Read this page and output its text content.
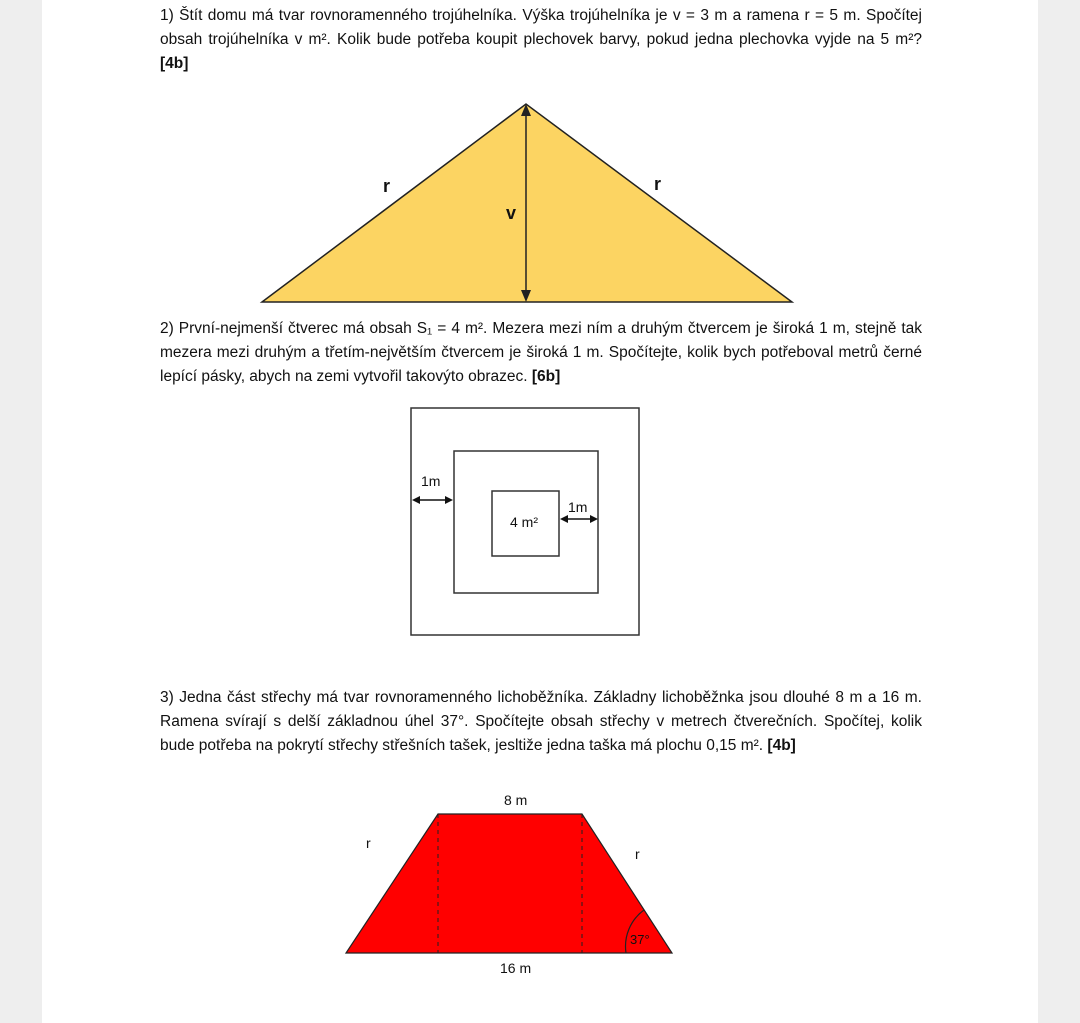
1) Štít domu má tvar rovnoramenného trojúhelníka. Výška trojúhelníka je v = 3 m a ramena r = 5 m. Spočítej obsah trojúhelníka v m². Kolik bude potřeba koupit plechovek barvy, pokud jedna plechovka vyjde na 5 m²? [4b]

r	r
v

2) První-nejmenší čtverec má obsah S₁ = 4 m². Mezera mezi ním a druhým čtvercem je široká 1 m, stejně tak mezera mezi druhým a třetím-největším čtvercem je široká 1 m. Spočítejte, kolik bych potřeboval metrů černé lepící pásky, abych na zemi vytvořil takovýto obrazec. [6b]

1m
1m
4 m²

3) Jedna část střechy má tvar rovnoramenného lichoběžníka. Základny lichoběžnka jsou dlouhé 8 m a 16 m. Ramena svírají s delší základnou úhel 37°. Spočítejte obsah střechy v metrech čtverečních. Spočítej, kolik bude potřeba na pokrytí střechy střešních tašek, jesltiže jedna taška má plochu 0,15 m². [4b]

8 m
37°
r
r
16 m
